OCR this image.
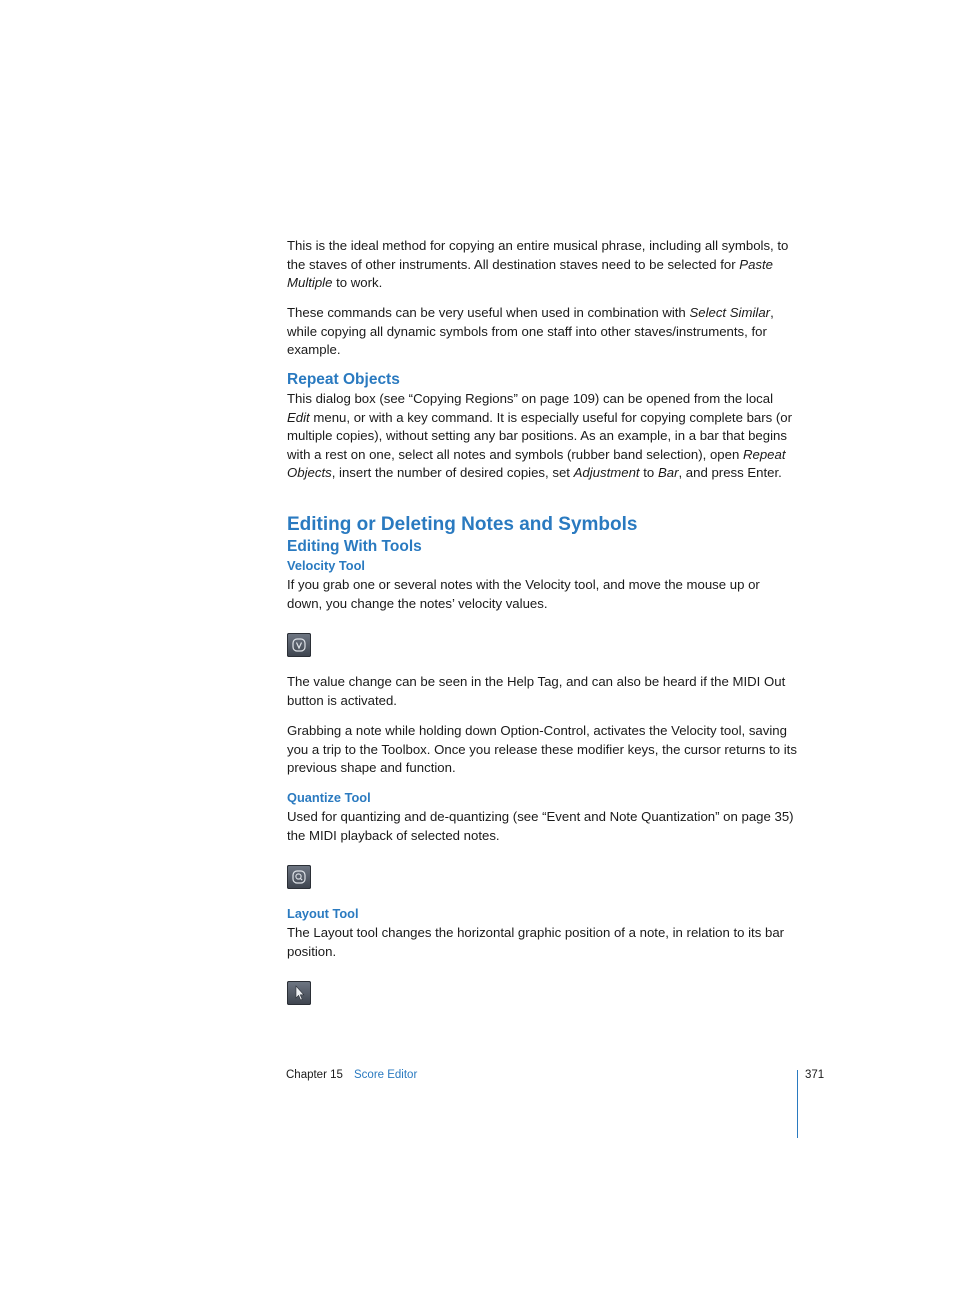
This is the ideal method for copying an entire musical phrase, including all symbols, to the staves of other instruments. All destination staves need to be selected for Paste Multiple to work.

These commands can be very useful when used in combination with Select Similar, while copying all dynamic symbols from one staff into other staves/instruments, for example.

Repeat Objects

This dialog box (see “Copying Regions” on page 109) can be opened from the local Edit menu, or with a key command. It is especially useful for copying complete bars (or multiple copies), without setting any bar positions. As an example, in a bar that begins with a rest on one, select all notes and symbols (rubber band selection), open Repeat Objects, insert the number of desired copies, set Adjustment to Bar, and press Enter.

Editing or Deleting Notes and Symbols
Editing With Tools
Velocity Tool

If you grab one or several notes with the Velocity tool, and move the mouse up or down, you change the notes’ velocity values.

The value change can be seen in the Help Tag, and can also be heard if the MIDI Out button is activated.

Grabbing a note while holding down Option-Control, activates the Velocity tool, saving you a trip to the Toolbox. Once you release these modifier keys, the cursor returns to its previous shape and function.

Quantize Tool

Used for quantizing and de-quantizing (see “Event and Note Quantization” on page 35) the MIDI playback of selected notes.

Layout Tool

The Layout tool changes the horizontal graphic position of a note, in relation to its bar position.

Chapter 15 Score Editor	371
